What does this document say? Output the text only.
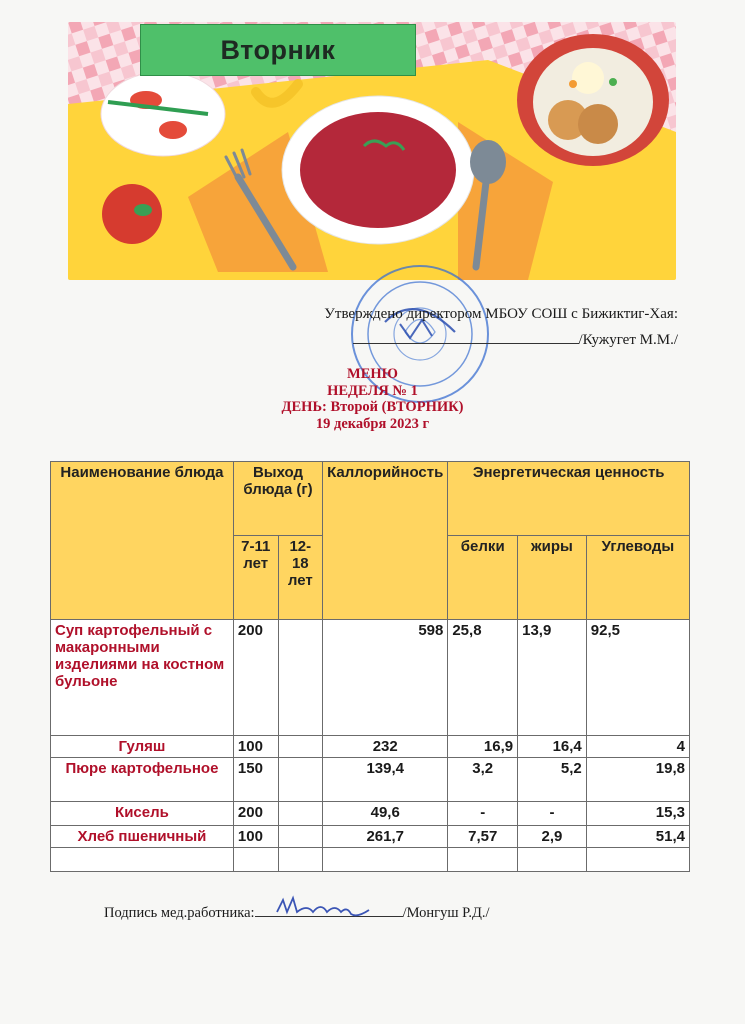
Вторник
Утверждено директором МБОУ СОШ с Бижиктиг-Хая:
/Кужугет М.М./
МЕНЮ
НЕДЕЛЯ № 1
ДЕНЬ: Второй (ВТОРНИК)
19 декабря 2023 г
Наименование блюда	Выход блюда (г)		Каллорийность	Энергетическая ценность		
	7-11 лет	12-18 лет		белки	жиры	Углеводы
Суп картофельный с макаронными изделиями на костном бульоне	200		598	25,8	13,9	92,5
Гуляш	100		232	16,9	16,4	4
Пюре картофельное	150		139,4	3,2	5,2	19,8
Кисель	200		49,6	-	-	15,3
Хлеб пшеничный	100		261,7	7,57	2,9	51,4

Подпись мед.работника:	/Монгуш Р.Д./
